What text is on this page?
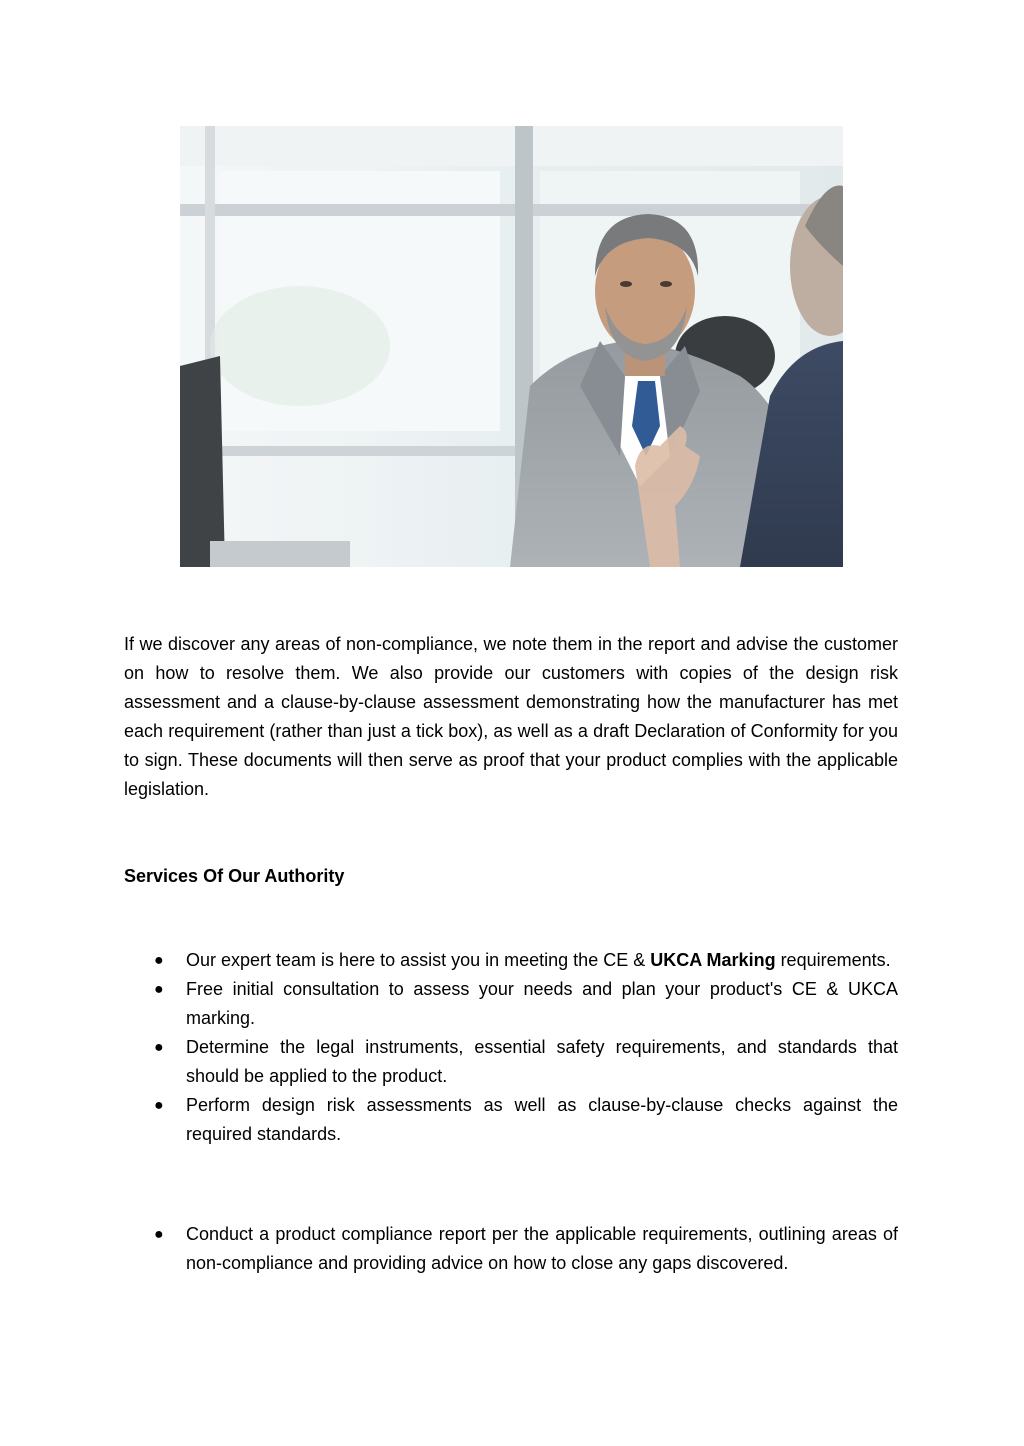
If we discover any areas of non-compliance, we note them in the report and advise the customer on how to resolve them. We also provide our customers with copies of the design risk assessment and a clause-by-clause assessment demonstrating how the manufacturer has met each requirement (rather than just a tick box), as well as a draft Declaration of Conformity for you to sign. These documents will then serve as proof that your product complies with the applicable legislation.

Services Of Our Authority
● Our expert team is here to assist you in meeting the CE & UKCA Marking requirements.
● Free initial consultation to assess your needs and plan your product's CE & UKCA marking.
● Determine the legal instruments, essential safety requirements, and standards that should be applied to the product.
● Perform design risk assessments as well as clause-by-clause checks against the required standards.
● Conduct a product compliance report per the applicable requirements, outlining areas of non-compliance and providing advice on how to close any gaps discovered.
